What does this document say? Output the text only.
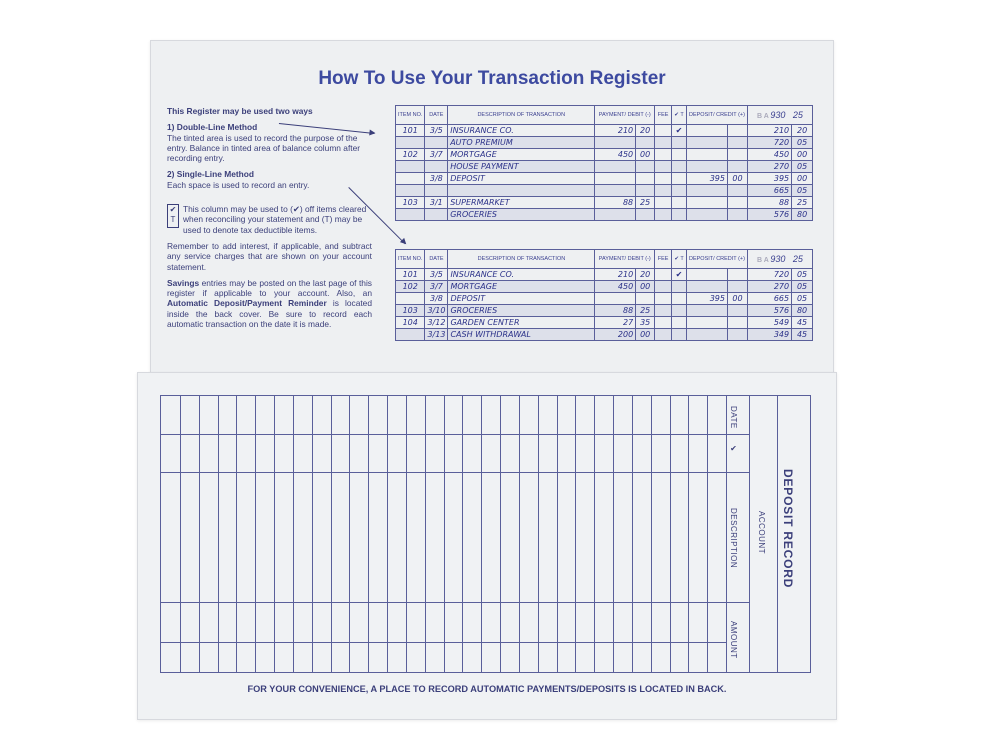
How To Use Your Transaction Register

This Register may be used two ways

1) Double-Line Method

The tinted area is used to record the purpose of the entry. Balance in tinted area of balance column after recording entry.

2) Single-Line Method

Each space is used to record an entry.

✔
T
This column may be used to (✔) off items cleared when reconciling your statement and (T) may be used to denote tax deductible items.

Remember to add interest, if applicable, and subtract any service charges that are shown on your account statement.

Savings entries may be posted on the last page of this register if applicable to your account. Also, an Automatic Deposit/Payment Reminder is located inside the back cover. Be sure to record each automatic transaction on the date it is made.

ITEM NO.	DATE	DESCRIPTION OF TRANSACTION	PAYMENT/ DEBIT (-)		FEE	✔ T	DEPOSIT/ CREDIT (+)		B A 930 25	
101	3/5	INSURANCE CO.	210	20		✔			210	20
		AUTO PREMIUM							720	05
102	3/7	MORTGAGE	450	00					450	00
		HOUSE PAYMENT							270	05
	3/8	DEPOSIT					395	00	395	00
									665	05
103	3/1	SUPERMARKET	88	25					88	25
		GROCERIES							576	80
ITEM NO.	DATE	DESCRIPTION OF TRANSACTION	PAYMENT/ DEBIT (-)		FEE	✔ T	DEPOSIT/ CREDIT (+)		B A 930 25	
101	3/5	INSURANCE CO.	210	20		✔			720	05
102	3/7	MORTGAGE	450	00					270	05
	3/8	DEPOSIT					395	00	665	05
103	3/10	GROCERIES	88	25					576	80
104	3/12	GARDEN CENTER	27	35					549	45
	3/13	CASH WITHDRAWAL	200	00					349	45
DATE
✔
DESCRIPTION
AMOUNT
ACCOUNT DEPOSIT RECORD
FOR YOUR CONVENIENCE, A PLACE TO RECORD AUTOMATIC PAYMENTS/DEPOSITS IS LOCATED IN BACK.
